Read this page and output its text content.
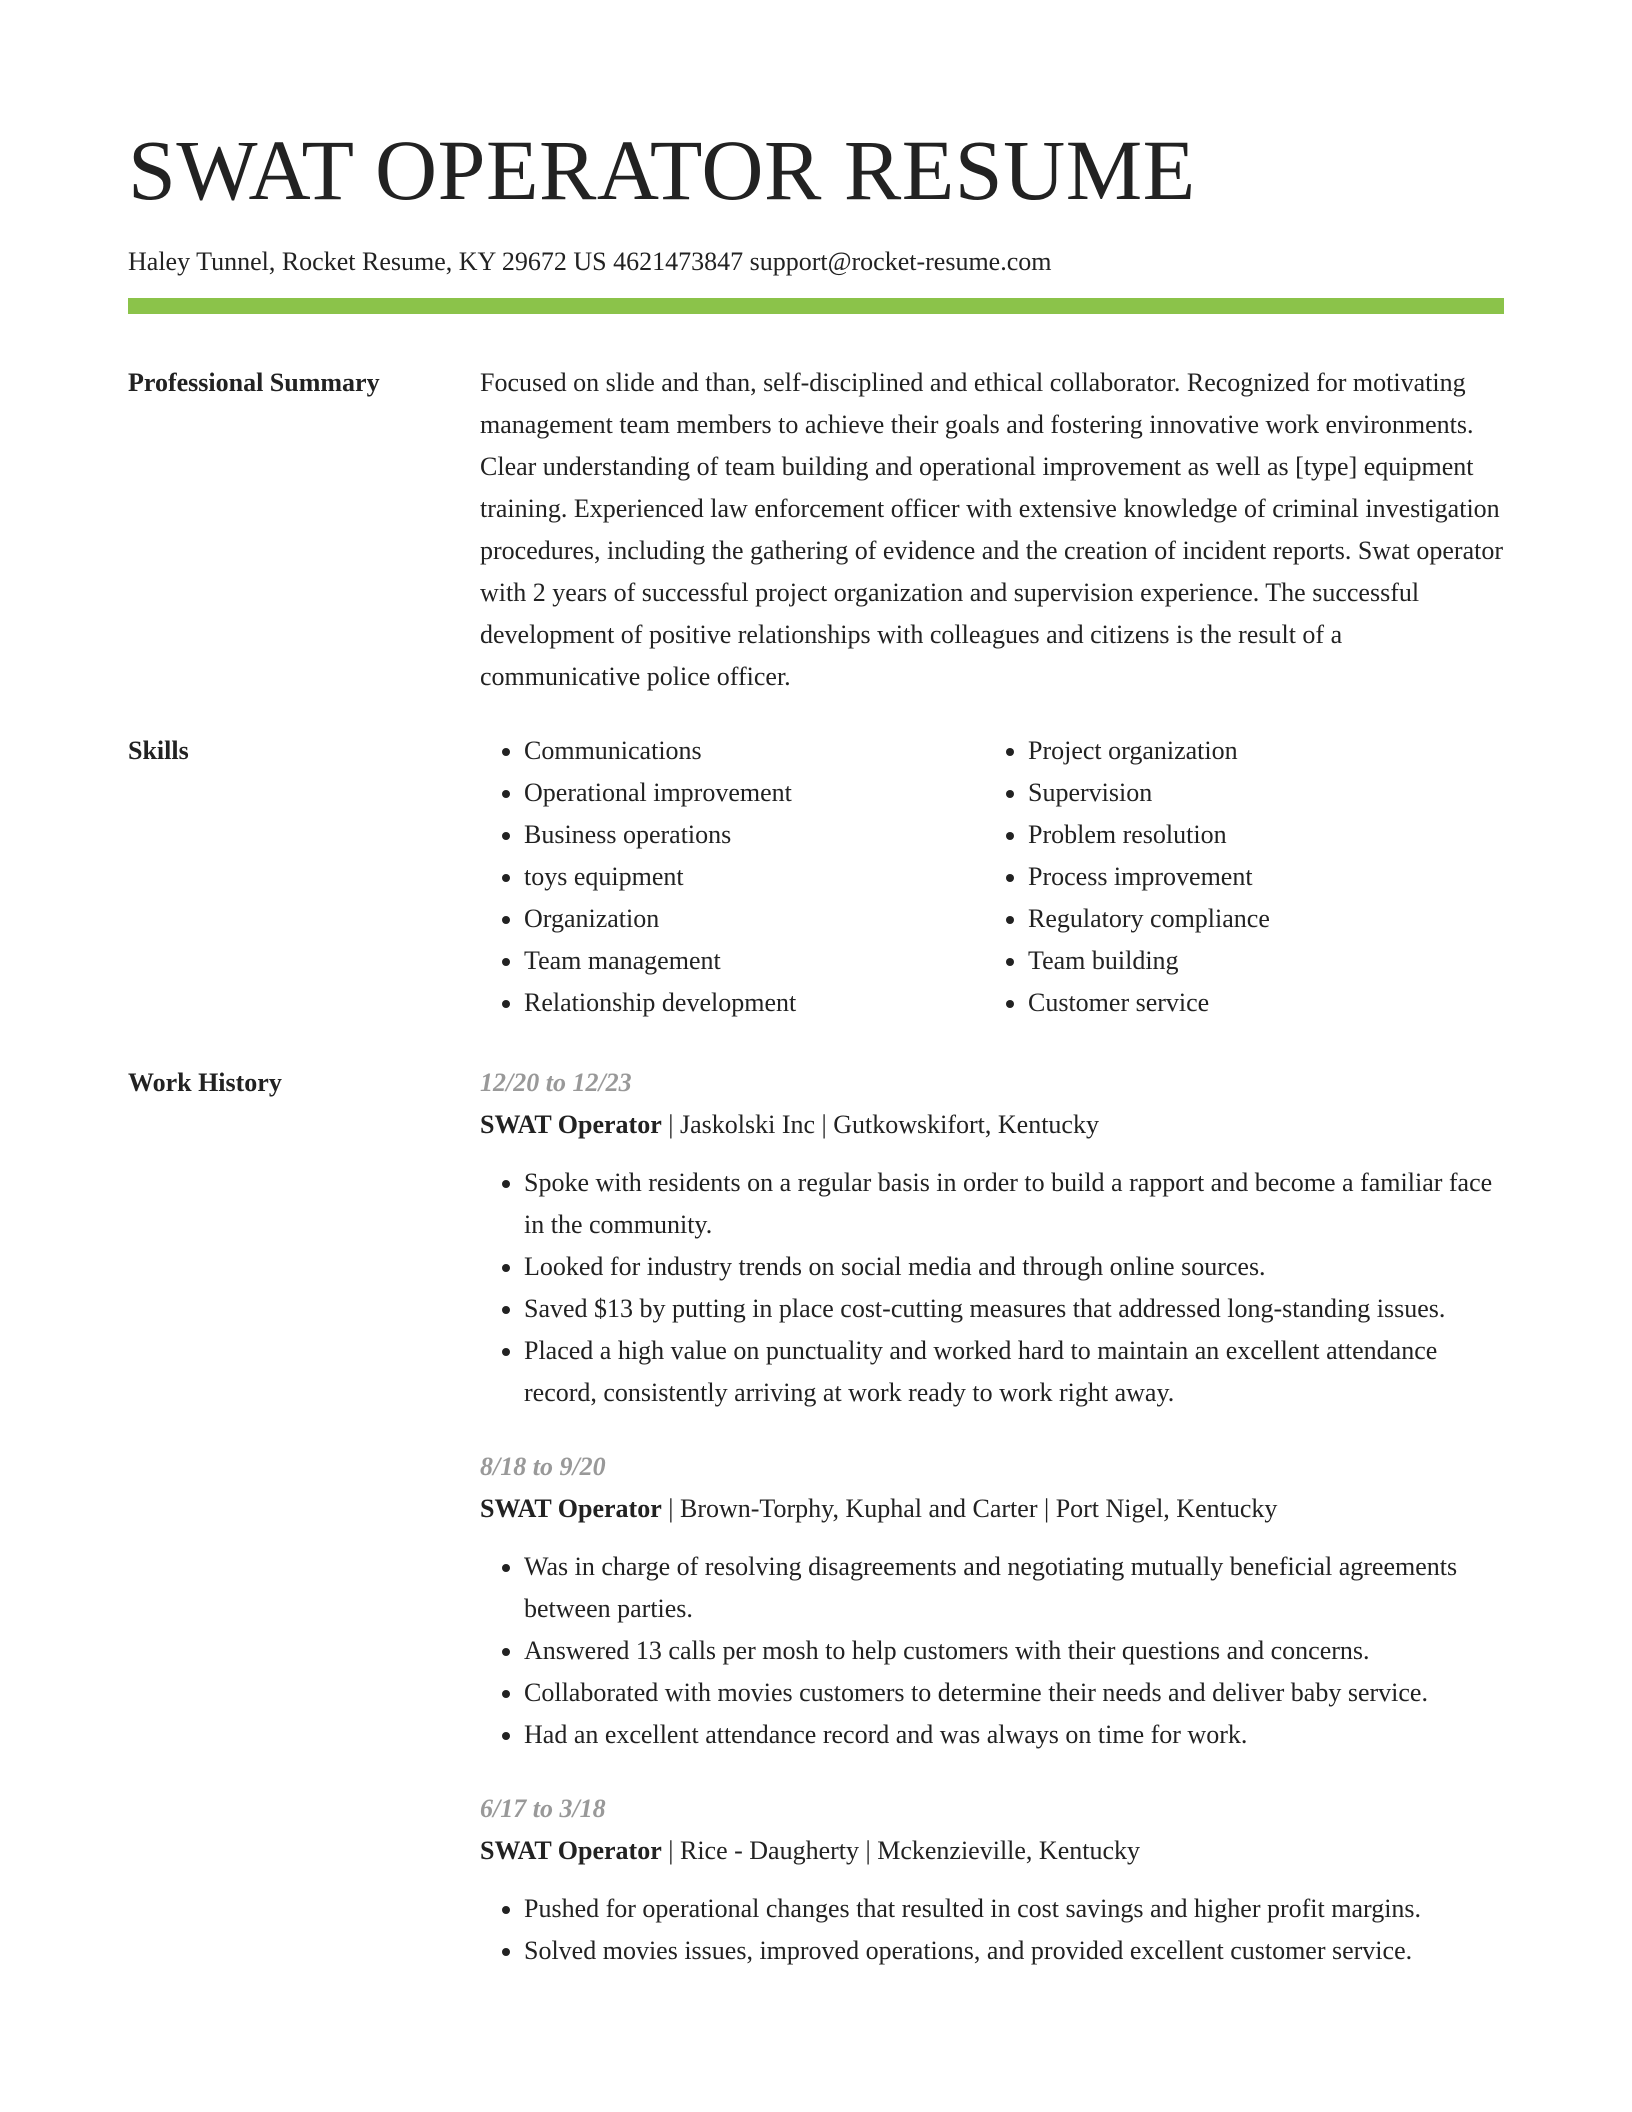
SWAT OPERATOR RESUME
Haley Tunnel, Rocket Resume, KY 29672 US 4621473847 support@rocket-resume.com
Professional Summary	Focused on slide and than, self-disciplined and ethical collaborator. Recognized for motivating management team members to achieve their goals and fostering innovative work environments. Clear understanding of team building and operational improvement as well as [type] equipment training. Experienced law enforcement officer with extensive knowledge of criminal investigation procedures, including the gathering of evidence and the creation of incident reports. Swat operator with 2 years of successful project organization and supervision experience. The successful development of positive relationships with colleagues and citizens is the result of a communicative police officer.

Skills
•	Communications
• Operational improvement
• Business operations
• toys equipment
• Organization
• Team management
• Relationship development
• Project organization
• Supervision
• Problem resolution
• Process improvement
• Regulatory compliance
• Team building
• Customer service
Work History	12/20 to 12/23
SWAT Operator | Jaskolski Inc | Gutkowskifort, Kentucky
• Spoke with residents on a regular basis in order to build a rapport and become a familiar face in the community.
• Looked for industry trends on social media and through online sources.
• Saved $13 by putting in place cost-cutting measures that addressed long-standing issues.
• Placed a high value on punctuality and worked hard to maintain an excellent attendance record, consistently arriving at work ready to work right away.
8/18 to 9/20
SWAT Operator | Brown-Torphy, Kuphal and Carter | Port Nigel, Kentucky
• Was in charge of resolving disagreements and negotiating mutually beneficial agreements between parties.
• Answered 13 calls per mosh to help customers with their questions and concerns.
• Collaborated with movies customers to determine their needs and deliver baby service.
• Had an excellent attendance record and was always on time for work.
6/17 to 3/18
SWAT Operator | Rice - Daugherty | Mckenzieville, Kentucky
• Pushed for operational changes that resulted in cost savings and higher profit margins.
• Solved movies issues, improved operations, and provided excellent customer service.
